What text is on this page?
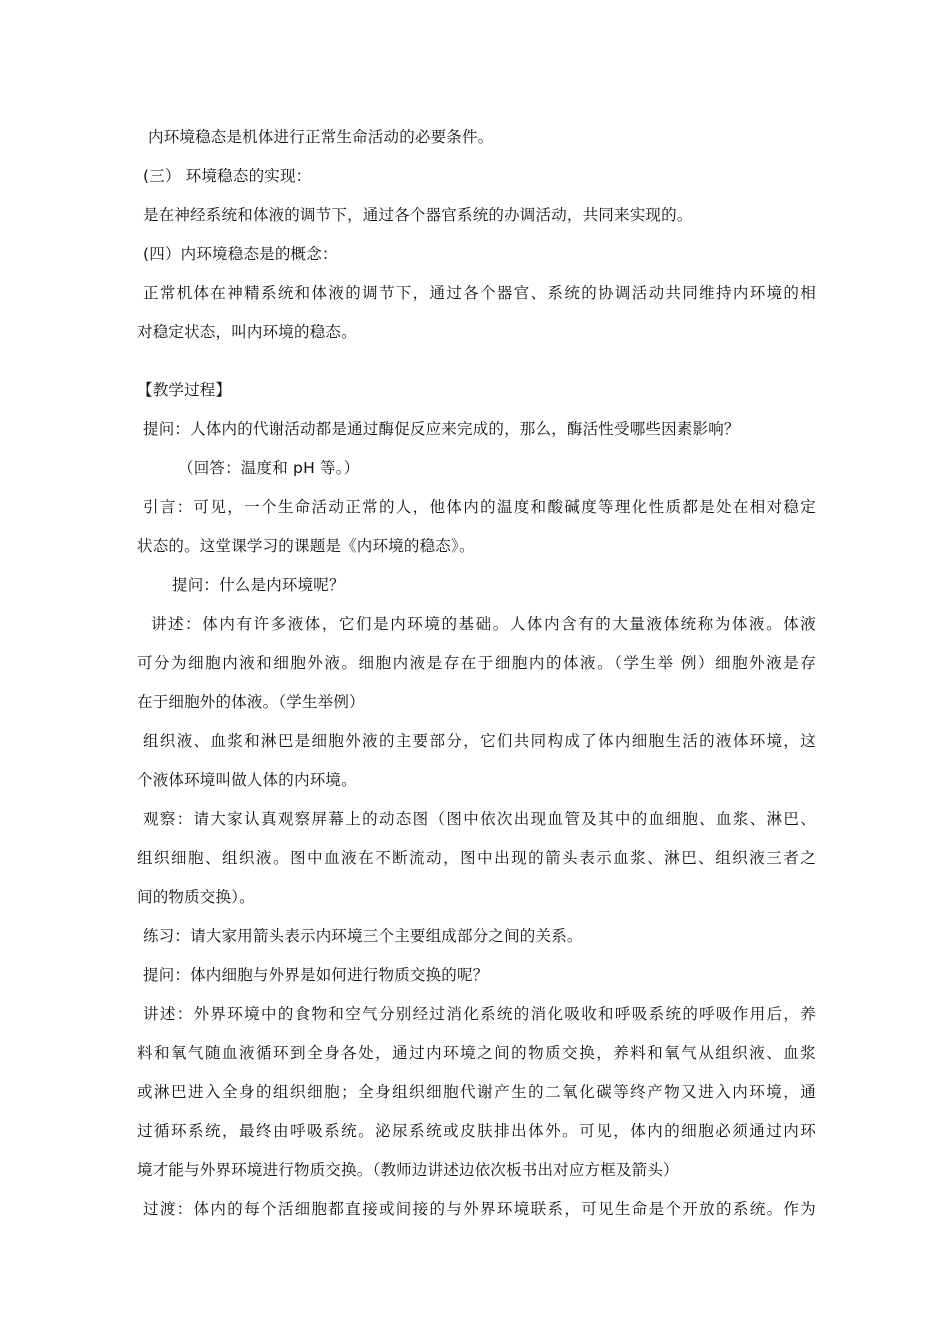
内环境稳态是机体进行正常生命活动的必要条件。
(三） 环境稳态的实现：
是在神经系统和体液的调节下，通过各个器官系统的办调活动，共同来实现的。
(四）内环境稳态是的概念：
正常机体在神精系统和体液的调节下，通过各个器官、系统的协调活动共同维持内环境的相
对稳定状态，叫内环境的稳态。
【教学过程】
提问：人体内的代谢活动都是通过酶促反应来完成的，那么，酶活性受哪些因素影响？
（回答：温度和 pH 等。）
引言：可见，一个生命活动正常的人，他体内的温度和酸碱度等理化性质都是处在相对稳定
状态的。这堂课学习的课题是《内环境的稳态》。
提问：什么是内环境呢？
讲述：体内有许多液体，它们是内环境的基础。人体内含有的大量液体统称为体液。体液
可分为细胞内液和细胞外液。细胞内液是存在于细胞内的体液。（学生举 例）细胞外液是存
在于细胞外的体液。（学生举例）
组织液、血浆和淋巴是细胞外液的主要部分，它们共同构成了体内细胞生活的液体环境，这
个液体环境叫做人体的内环境。
观察：请大家认真观察屏幕上的动态图（图中依次出现血管及其中的血细胞、血浆、淋巴、
组织细胞、组织液。图中血液在不断流动，图中出现的箭头表示血浆、淋巴、组织液三者之
间的物质交换）。
练习：请大家用箭头表示内环境三个主要组成部分之间的关系。
提问：体内细胞与外界是如何进行物质交换的呢？
讲述：外界环境中的食物和空气分别经过消化系统的消化吸收和呼吸系统的呼吸作用后，养
料和氧气随血液循环到全身各处，通过内环境之间的物质交换，养料和氧气从组织液、血浆
或淋巴进入全身的组织细胞；全身组织细胞代谢产生的二氧化碳等终产物又进入内环境，通
过循环系统，最终由呼吸系统。泌尿系统或皮肤排出体外。可见，体内的细胞必须通过内环
境才能与外界环境进行物质交换。（教师边讲述边依次板书出对应方框及箭头）
过渡：体内的每个活细胞都直接或间接的与外界环境联系，可见生命是个开放的系统。作为
